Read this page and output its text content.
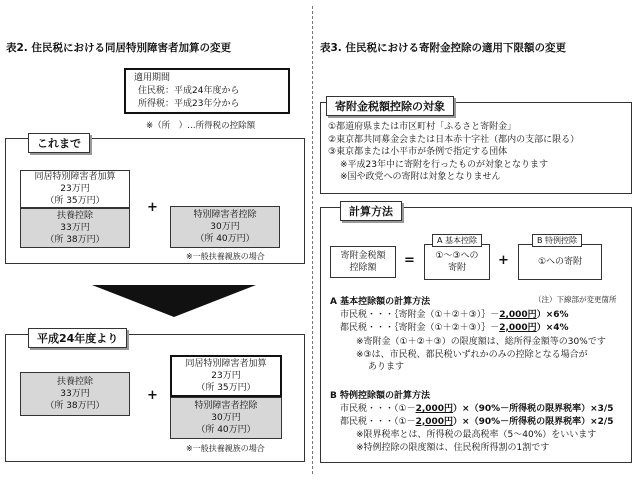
表2. 住民税における同居特別障害者加算の変更
適用期間
住民税：平成24年度から
所得税：平成23年分から
※（所　）…所得税の控除額
これまで
同居特別障害者加算
23万円
（所 35万円）
扶養控除
33万円
（所 38万円）
+	特別障害者控除
30万円
（所 40万円）
※一般扶養親族の場合
平成24年度より
扶養控除
33万円
（所 38万円）
+
同居特別障害者加算
23万円
（所 35万円）
特別障害者控除
30万円
（所 40万円）
※一般扶養親族の場合
表3. 住民税における寄附金控除の適用下限額の変更
寄附金税額控除の対象
①都道府県または市区町村「ふるさと寄附金」
②東京都共同募金会または日本赤十字社（都内の支部に限る）
③東京都または小平市が条例で指定する団体
※平成23年中に寄附を行ったものが対象となります
※国や政党への寄附は対象となりません
計算方法
寄附金税額
控除額 = ①～③への
寄附
A 基本控除
+	①への寄附
B 特例控除
（注）下線部が変更箇所
A 基本控除額の計算方法
市民税・・・｛寄附金（①＋②＋③）｝－2,000円）×6%
都民税・・・｛寄附金（①＋②＋③）｝－2,000円）×4%
※寄附金（①＋②＋③）の限度額は、総所得金額等の30%です
※③は、市民税、都民税いずれかのみの控除となる場合が
あります
B 特例控除額の計算方法
市民税・・・（①－2,000円）×（90%－所得税の限界税率）×3/5
都民税・・・（①－2,000円）×（90%－所得税の限界税率）×2/5
※限界税率とは、所得税の最高税率（5～40%）をいいます
※特例控除の限度額は、住民税所得割の1割です
